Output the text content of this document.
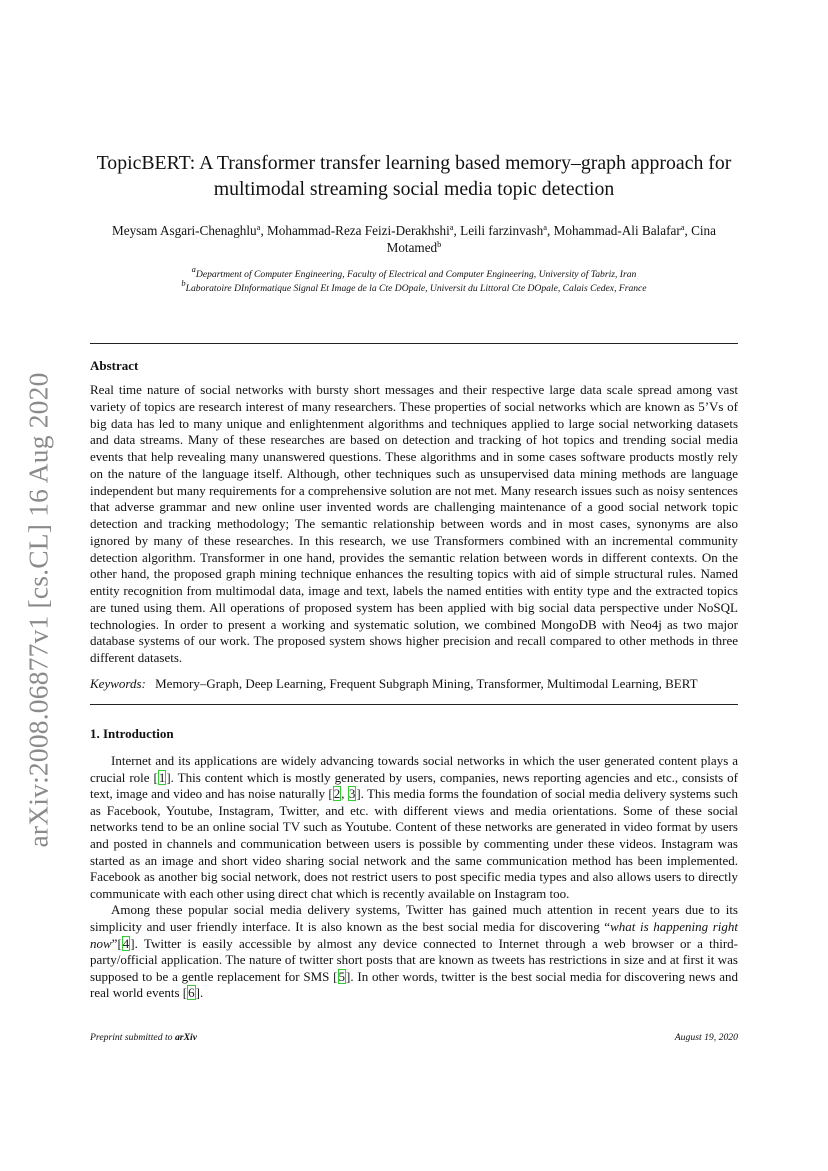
arXiv:2008.06877v1 [cs.CL] 16 Aug 2020
TopicBERT: A Transformer transfer learning based memory–graph approach for multimodal streaming social media topic detection
Meysam Asgari-Chenaghlu$^a$, Mohammad-Reza Feizi-Derakhshi$^a$, Leili farzinvash$^a$, Mohammad-Ali Balafar$^a$, Cina Motamed$^b$
$^a$Department of Computer Engineering, Faculty of Electrical and Computer Engineering, University of Tabriz, Iran
$^b$Laboratoire DInformatique Signal Et Image de la Cte DOpale, Universit du Littoral Cte DOpale, Calais Cedex, France
Abstract
Real time nature of social networks with bursty short messages and their respective large data scale spread among vast variety of topics are research interest of many researchers. These properties of social networks which are known as 5’Vs of big data has led to many unique and enlightenment algorithms and techniques applied to large social networking datasets and data streams. Many of these researches are based on detection and tracking of hot topics and trending social media events that help revealing many unanswered questions. These algorithms and in some cases software products mostly rely on the nature of the language itself. Although, other techniques such as unsupervised data mining methods are language independent but many requirements for a comprehensive solution are not met. Many research issues such as noisy sentences that adverse grammar and new online user invented words are challenging maintenance of a good social network topic detection and tracking methodology; The semantic relationship between words and in most cases, synonyms are also ignored by many of these researches. In this research, we use Transformers combined with an incremental community detection algorithm. Transformer in one hand, provides the semantic relation between words in different contexts. On the other hand, the proposed graph mining technique enhances the resulting topics with aid of simple structural rules. Named entity recognition from multimodal data, image and text, labels the named entities with entity type and the extracted topics are tuned using them. All operations of proposed system has been applied with big social data perspective under NoSQL technologies. In order to present a working and systematic solution, we combined MongoDB with Neo4j as two major database systems of our work. The proposed system shows higher precision and recall compared to other methods in three different datasets.
Keywords: Memory–Graph, Deep Learning, Frequent Subgraph Mining, Transformer, Multimodal Learning, BERT
1. Introduction

Internet and its applications are widely advancing towards social networks in which the user generated content plays a crucial role [1]. This content which is mostly generated by users, companies, news reporting agencies and etc., consists of text, image and video and has noise naturally [2, 3]. This media forms the foundation of social media delivery systems such as Facebook, Youtube, Instagram, Twitter, and etc. with different views and media orientations. Some of these social networks tend to be an online social TV such as Youtube. Content of these networks are generated in video format by users and posted in channels and communication between users is possible by commenting under these videos. Instagram was started as an image and short video sharing social network and the same communication method has been implemented. Facebook as another big social network, does not restrict users to post specific media types and also allows users to directly communicate with each other using direct chat which is recently available on Instagram too.

Among these popular social media delivery systems, Twitter has gained much attention in recent years due to its simplicity and user friendly interface. It is also known as the best social media for discovering “what is happening right now”[4]. Twitter is easily accessible by almost any device connected to Internet through a web browser or a third-party/official application. The nature of twitter short posts that are known as tweets has restrictions in size and at first it was supposed to be a gentle replacement for SMS [5]. In other words, twitter is the best social media for discovering news and real world events [6].

Preprint submitted to arXiv	August 19, 2020
